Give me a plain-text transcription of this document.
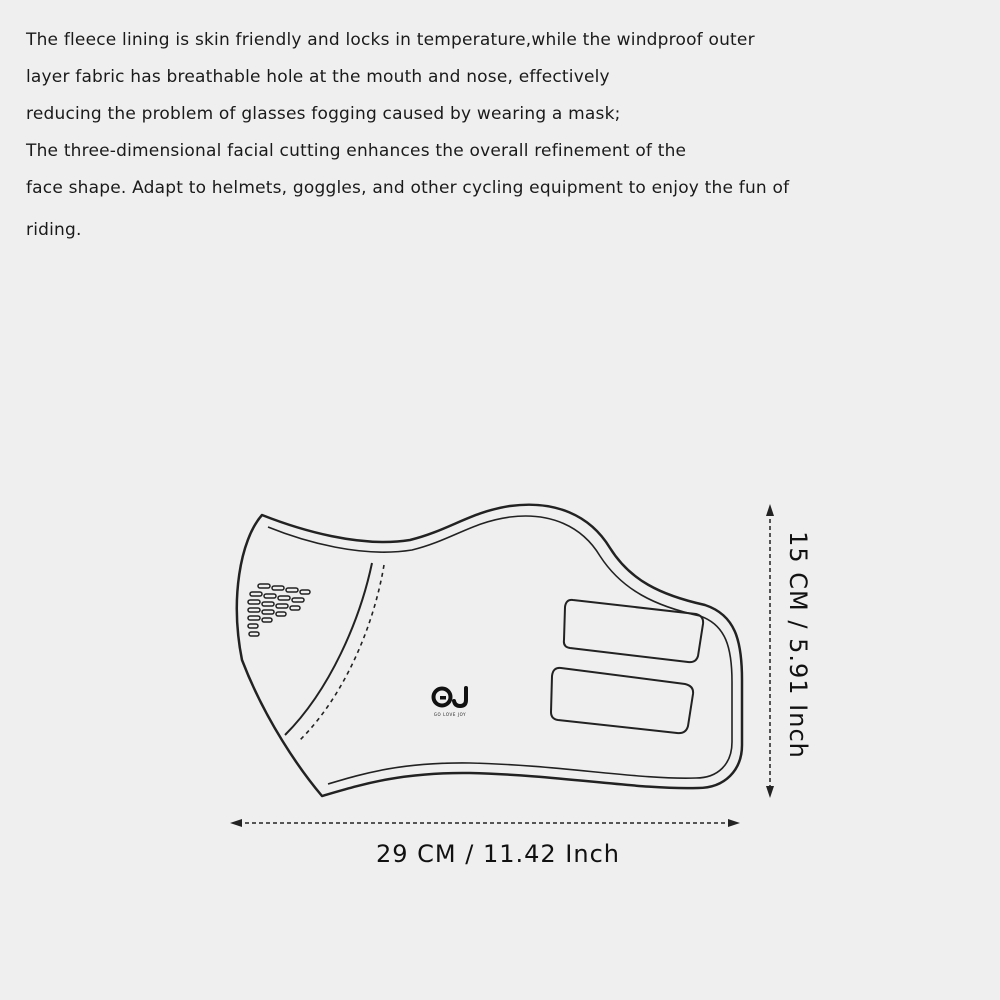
The fleece lining is skin friendly and locks in temperature,while the windproof outer
layer fabric has breathable hole at the mouth and nose, effectively
reducing the problem of glasses fogging caused by wearing a mask;
The three-dimensional facial cutting enhances the overall refinement of the
face shape. Adapt to helmets, goggles, and other cycling equipment to enjoy the fun of
riding.
GO LOVE JOY
29 CM / 11.42 Inch
15 CM / 5.91 Inch
